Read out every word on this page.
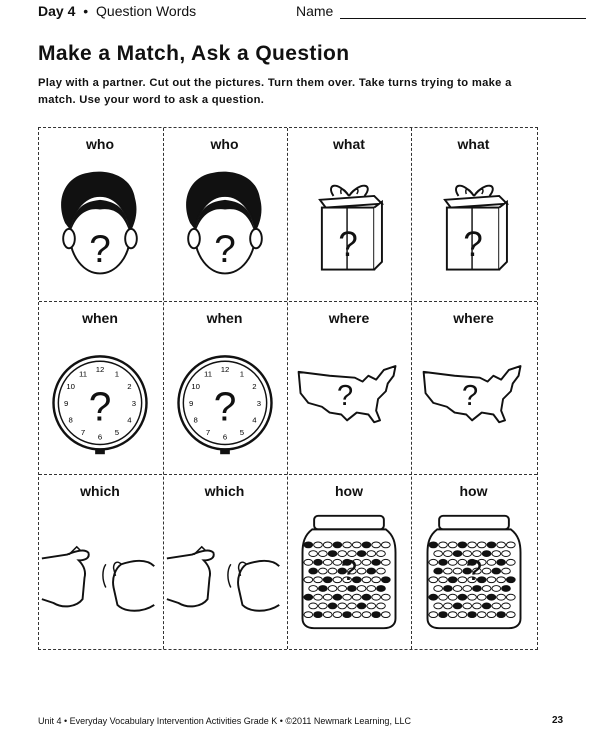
Day 4 • Question Words	Name
Make a Match, Ask a Question
Play with a partner. Cut out the pictures. Turn them over. Take turns trying to make a match. Use your word to ask a question.
who
?
who
?
what
?
what
?
when
1
2
3
4
5
6
7
8
9
10
11
12
?
when
1
2
3
4
5
6
7
8
9
10
11
12
?
where
?
where
?
which	which	how
?
how
?
Unit 4 • Everyday Vocabulary Intervention Activities Grade K • ©2011 Newmark Learning, LLC	23
